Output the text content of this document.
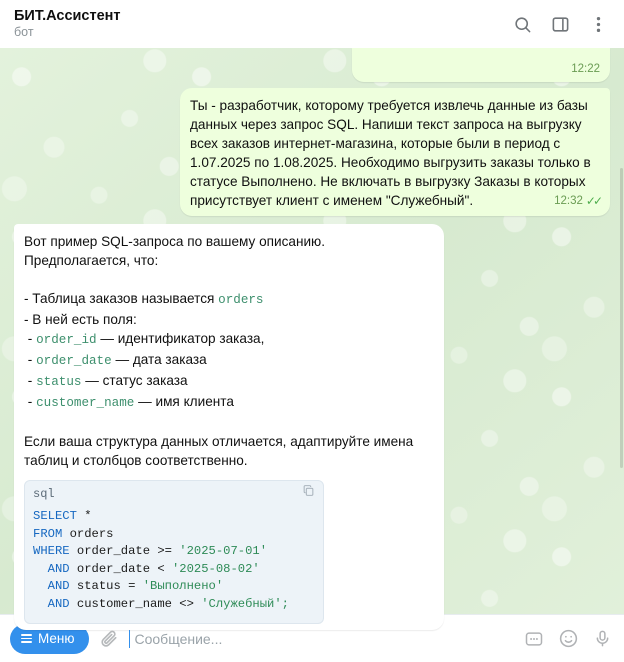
БИТ.Ассистент
бот
12:22
Ты - разработчик, которому требуется извлечь данные из базы данных через запрос SQL. Напиши текст запроса на выгрузку всех заказов интернет-магазина, которые были в период с 1.07.2025 по 1.08.2025. Необходимо выгрузить заказы только в статусе Выполнено. Не включать в выгрузку Заказы в которых присутствует клиент с именем "Служебный".	12:32 ✓✓
Вот пример SQL-запроса по вашему описанию. Предполагается, что:
- Таблица заказов называется orders
- В ней есть поля:
- order_id — идентификатор заказа,
- order_date — дата заказа
- status — статус заказа
- customer_name — имя клиента
Если ваша структура данных отличается, адаптируйте имена таблиц и столбцов соответственно.
sql
SELECT *
FROM orders
WHERE order_date >= '2025-07-01'
AND order_date < '2025-08-02'
AND status = 'Выполнено'
AND customer_name <> 'Служебный';
Меню	Сообщение...
